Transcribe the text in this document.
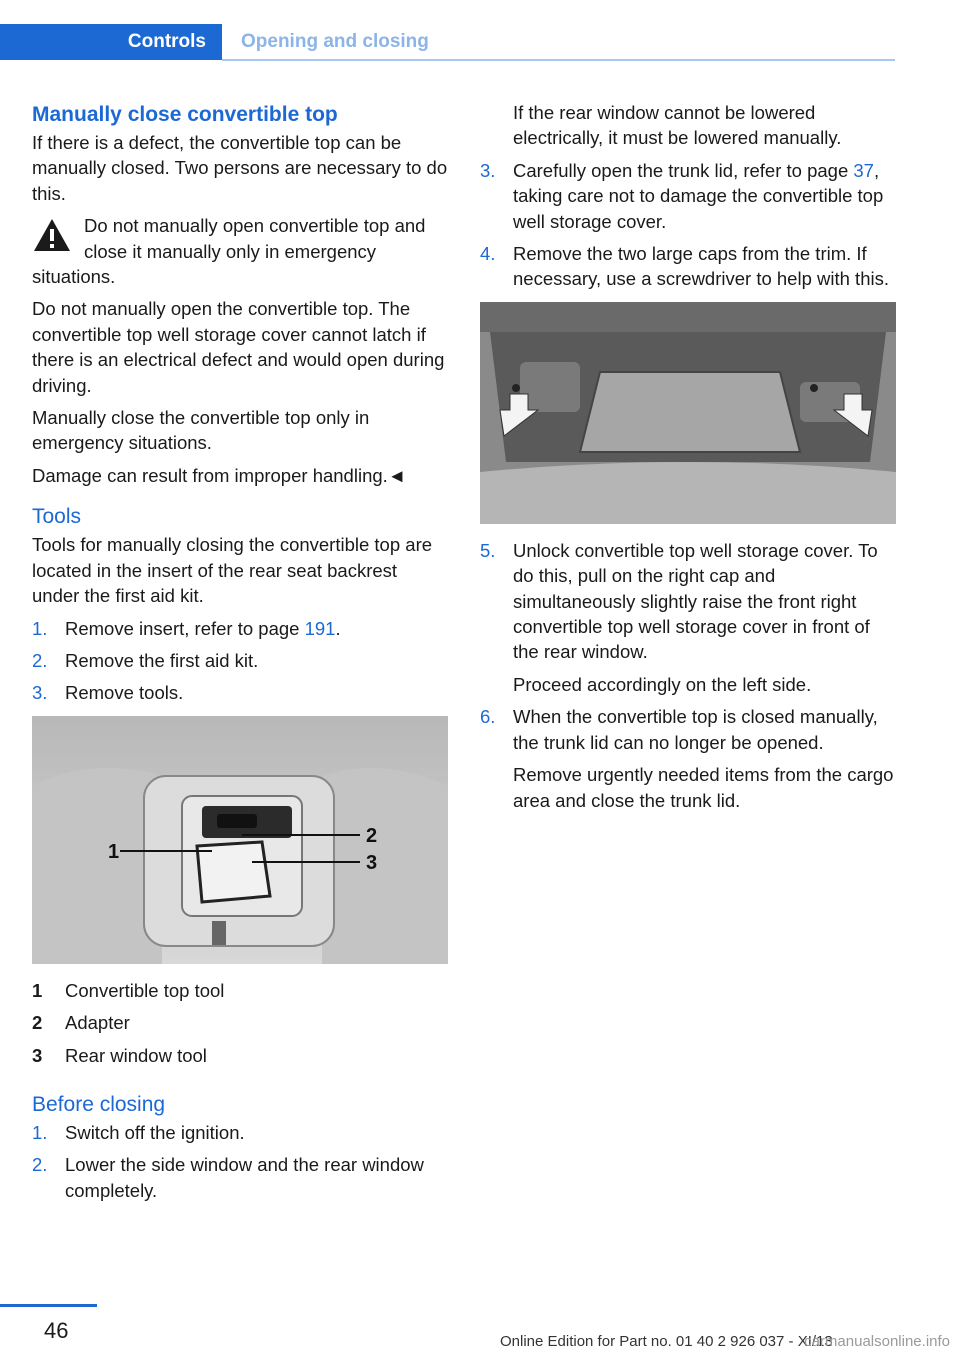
Controls	Opening and closing
Manually close convertible top

If there is a defect, the convertible top can be manually closed. Two persons are necessary to do this.

Do not manually open convertible top and close it manually only in emergency situations.

Do not manually open the convertible top. The convertible top well storage cover cannot latch if there is an electrical defect and would open during driving.

Manually close the convertible top only in emergency situations.

Damage can result from improper handling.◄

Tools

Tools for manually closing the convertible top are located in the insert of the rear seat backrest under the first aid kit.

1. Remove insert, refer to page 191.
2. Remove the first aid kit.
3. Remove tools.
1
2
3
1 Convertible top tool
2 Adapter
3 Rear window tool
Before closing
1. Switch off the ignition.
2. Lower the side window and the rear window completely.

If the rear window cannot be lowered electrically, it must be lowered manually.

3. Carefully open the trunk lid, refer to page 37, taking care not to damage the convertible top well storage cover.
4. Remove the two large caps from the trim. If necessary, use a screwdriver to help with this.
5. Unlock convertible top well storage cover. To do this, pull on the right cap and simultaneously slightly raise the front right convertible top well storage cover in front of the rear window.

Proceed accordingly on the left side.

6. When the convertible top is closed manually, the trunk lid can no longer be opened.

Remove urgently needed items from the cargo area and close the trunk lid.

46	Online Edition for Part no. 01 40 2 926 037 - XI/13
carmanualsonline.info
